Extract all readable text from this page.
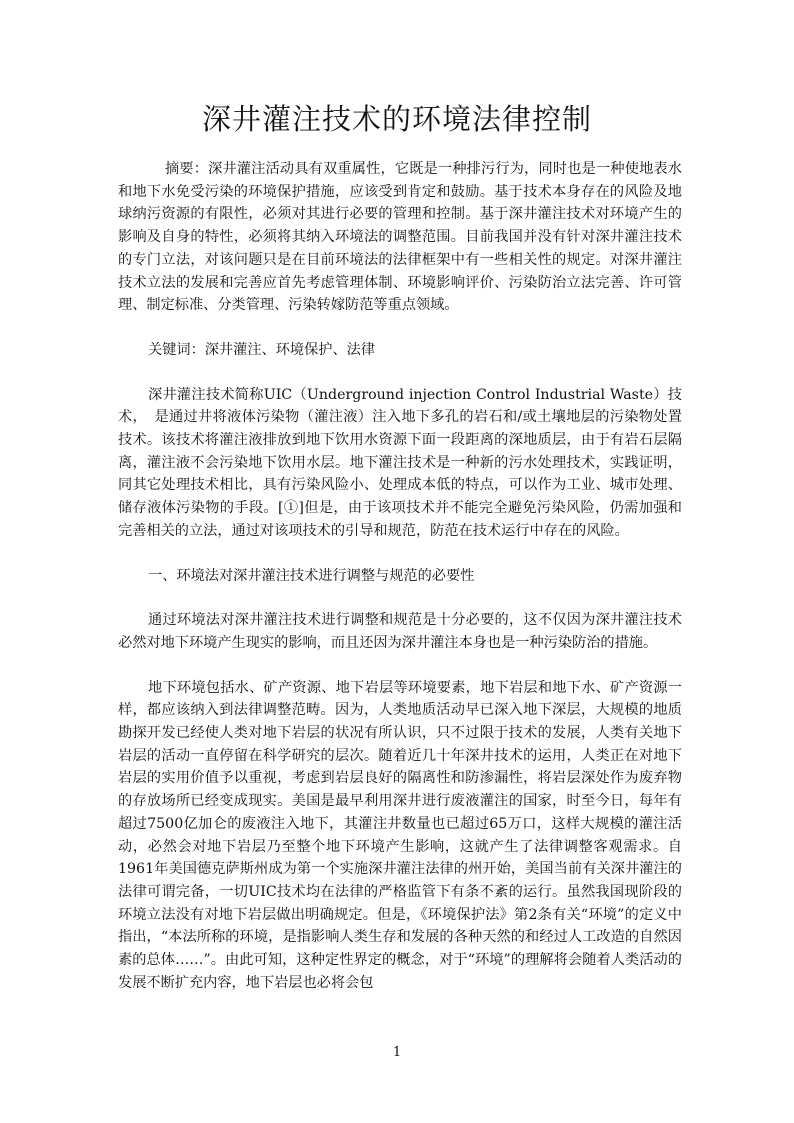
深井灌注技术的环境法律控制

摘要：深井灌注活动具有双重属性，它既是一种排污行为，同时也是一种使地表水和地下水免受污染的环境保护措施，应该受到肯定和鼓励。基于技术本身存在的风险及地球纳污资源的有限性，必须对其进行必要的管理和控制。基于深井灌注技术对环境产生的影响及自身的特性，必须将其纳入环境法的调整范围。目前我国并没有针对深井灌注技术的专门立法，对该问题只是在目前环境法的法律框架中有一些相关性的规定。对深井灌注技术立法的发展和完善应首先考虑管理体制、环境影响评价、污染防治立法完善、许可管理、制定标准、分类管理、污染转嫁防范等重点领域。

关键词：深井灌注、环境保护、法律

深井灌注技术简称UIC（Underground injection Control Industrial Waste）技术，　是通过井将液体污染物（灌注液）注入地下多孔的岩石和/或土壤地层的污染物处置技术。该技术将灌注液排放到地下饮用水资源下面一段距离的深地质层，由于有岩石层隔离，灌注液不会污染地下饮用水层。地下灌注技术是一种新的污水处理技术，实践证明，同其它处理技术相比，具有污染风险小、处理成本低的特点，可以作为工业、城市处理、储存液体污染物的手段。[①]但是，由于该项技术并不能完全避免污染风险，仍需加强和完善相关的立法，通过对该项技术的引导和规范，防范在技术运行中存在的风险。

一、环境法对深井灌注技术进行调整与规范的必要性

通过环境法对深井灌注技术进行调整和规范是十分必要的，这不仅因为深井灌注技术必然对地下环境产生现实的影响，而且还因为深井灌注本身也是一种污染防治的措施。

地下环境包括水、矿产资源、地下岩层等环境要素，地下岩层和地下水、矿产资源一样，都应该纳入到法律调整范畴。因为，人类地质活动早已深入地下深层，大规模的地质勘探开发已经使人类对地下岩层的状况有所认识，只不过限于技术的发展，人类有关地下岩层的活动一直停留在科学研究的层次。随着近几十年深井技术的运用，人类正在对地下岩层的实用价值予以重视，考虑到岩层良好的隔离性和防渗漏性，将岩层深处作为废弃物的存放场所已经变成现实。美国是最早利用深井进行废液灌注的国家，时至今日，每年有超过7500亿加仑的废液注入地下，其灌注井数量也已超过65万口，这样大规模的灌注活动，必然会对地下岩层乃至整个地下环境产生影响，这就产生了法律调整客观需求。自1961年美国德克萨斯州成为第一个实施深井灌注法律的州开始，美国当前有关深井灌注的法律可谓完备，一切UIC技术均在法律的严格监管下有条不紊的运行。虽然我国现阶段的环境立法没有对地下岩层做出明确规定。但是，《环境保护法》第2条有关“环境”的定义中指出，“本法所称的环境，是指影响人类生存和发展的各种天然的和经过人工改造的自然因素的总体……”。由此可知，这种定性界定的概念，对于“环境”的理解将会随着人类活动的发展不断扩充内容，地下岩层也必将会包

1
